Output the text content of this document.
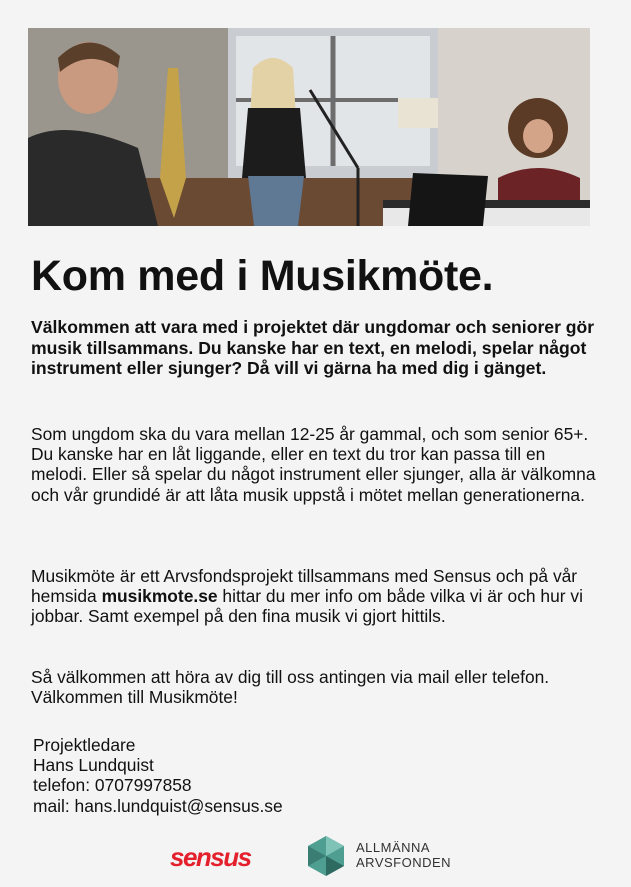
Kom med i Musikmöte.

Välkommen att vara med i projektet där ungdomar och seniorer gör musik tillsammans. Du kanske har en text, en melodi, spelar något instrument eller sjunger? Då vill vi gärna ha med dig i gänget.

Som ungdom ska du vara mellan 12-25 år gammal, och som senior 65+. Du kanske har en låt liggande, eller en text du tror kan passa till en melodi. Eller så spelar du något instrument eller sjunger, alla är välkomna och vår grundidé är att låta musik uppstå i mötet mellan generationerna.

Musikmöte är ett Arvsfondsprojekt tillsammans med Sensus och på vår hemsida musikmote.se hittar du mer info om både vilka vi är och hur vi jobbar. Samt exempel på den fina musik vi gjort hittils.

Så välkommen att höra av dig till oss antingen via mail eller telefon. Välkommen till Musikmöte!

Projektledare
Hans Lundquist
telefon: 0707997858
mail: hans.lundquist@sensus.se
sensus	ALLMÄNNA
ARVSFONDEN
